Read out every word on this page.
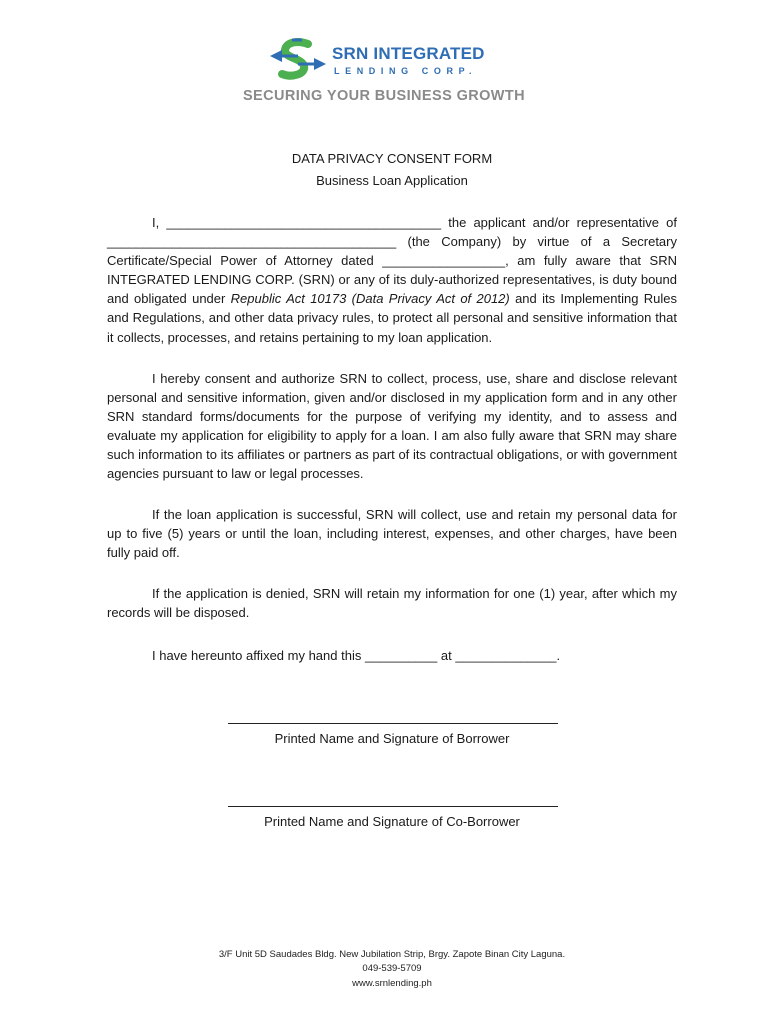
SRN INTEGRATED
LENDING CORP.
SECURING YOUR BUSINESS GROWTH
DATA PRIVACY CONSENT FORM
Business Loan Application

I, ______________________________________ the applicant and/or representative of ________________________________________ (the Company) by virtue of a Secretary Certificate/Special Power of Attorney dated _________________, am fully aware that SRN INTEGRATED LENDING CORP. (SRN) or any of its duly-authorized representatives, is duty bound and obligated under Republic Act 10173 (Data Privacy Act of 2012) and its Implementing Rules and Regulations, and other data privacy rules, to protect all personal and sensitive information that it collects, processes, and retains pertaining to my loan application.

I hereby consent and authorize SRN to collect, process, use, share and disclose relevant personal and sensitive information, given and/or disclosed in my application form and in any other SRN standard forms/documents for the purpose of verifying my identity, and to assess and evaluate my application for eligibility to apply for a loan. I am also fully aware that SRN may share such information to its affiliates or partners as part of its contractual obligations, or with government agencies pursuant to law or legal processes.

If the loan application is successful, SRN will collect, use and retain my personal data for up to five (5) years or until the loan, including interest, expenses, and other charges, have been fully paid off.

If the application is denied, SRN will retain my information for one (1) year, after which my records will be disposed.

I have hereunto affixed my hand this __________ at ______________.

Printed Name and Signature of Borrower
Printed Name and Signature of Co-Borrower
3/F Unit 5D Saudades Bldg. New Jubilation Strip, Brgy. Zapote Binan City Laguna.
049-539-5709
www.srnlending.ph
